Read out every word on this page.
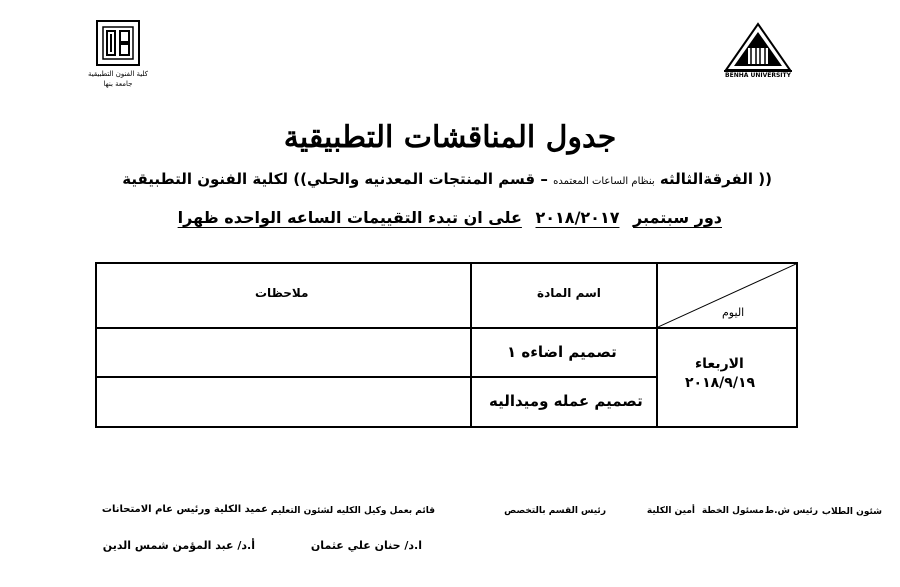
كلية الفنون التطبيقية
جامعة بنها
BENHA UNIVERSITY
جدول المناقشات التطبيقية
(( الفرقةالثالثه بنظام الساعات المعتمده – قسم المنتجات المعدنيه والحلي)) لكلية الفنون التطبيقية
دور سبتمبر ٢٠١٨/٢٠١٧ على ان تبدء التقييمات الساعه الواحده ظهرا
اليوم
اسم المادة
ملاحظات
الاربعاء
٢٠١٨/٩/١٩
تصميم اضاءه ١
تصميم عمله وميداليه
شئون الطلاب
رئيس ش.ط
مسئول الخطة
أمين الكلية
رئيس القسم بالتخصص
قائم بعمل وكيل الكليه لشئون التعليم
عميد الكلية ورئيس عام الامتحانات
ا.د/ حنان علي عثمان
أ.د/ عبد المؤمن شمس الدين
